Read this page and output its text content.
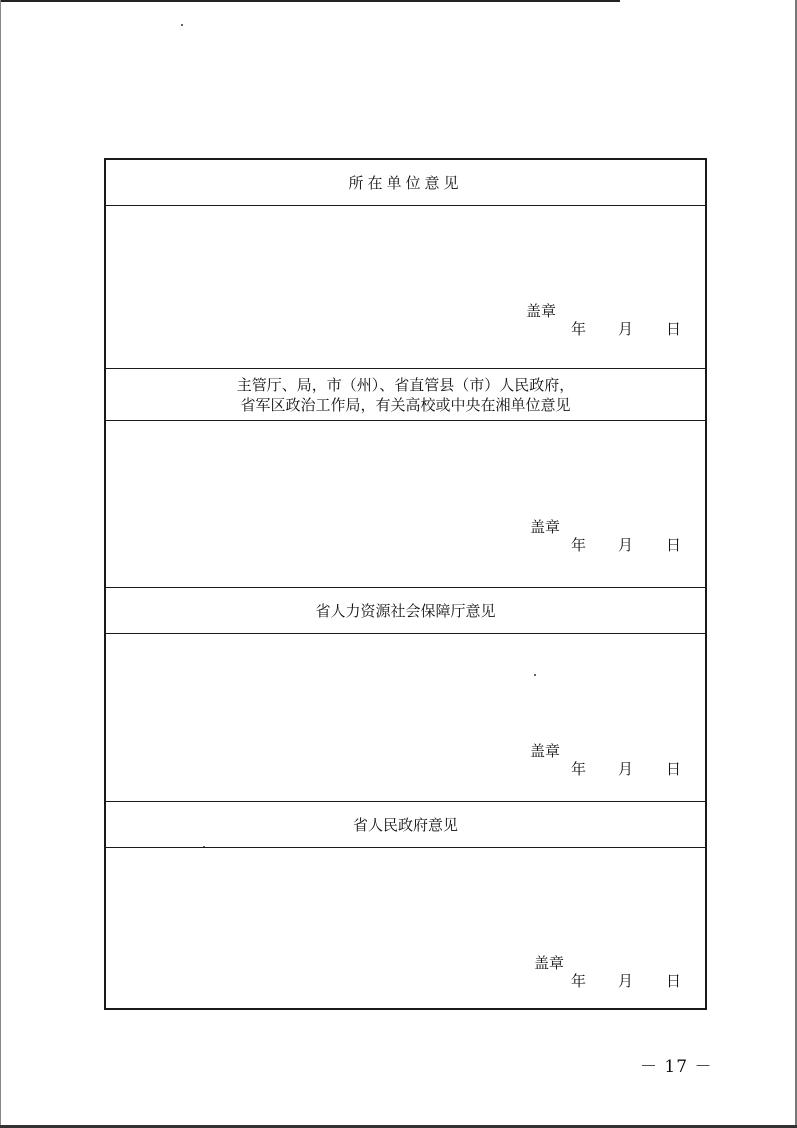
所在单位意见
盖章
年 月 日
主管厅、局，市（州）、省直管县（市）人民政府，
省军区政治工作局，有关高校或中央在湘单位意见
盖章
年 月 日
省人力资源社会保障厅意见
盖章
年 月 日
省人民政府意见
盖章
年 月 日
－ 17 －
